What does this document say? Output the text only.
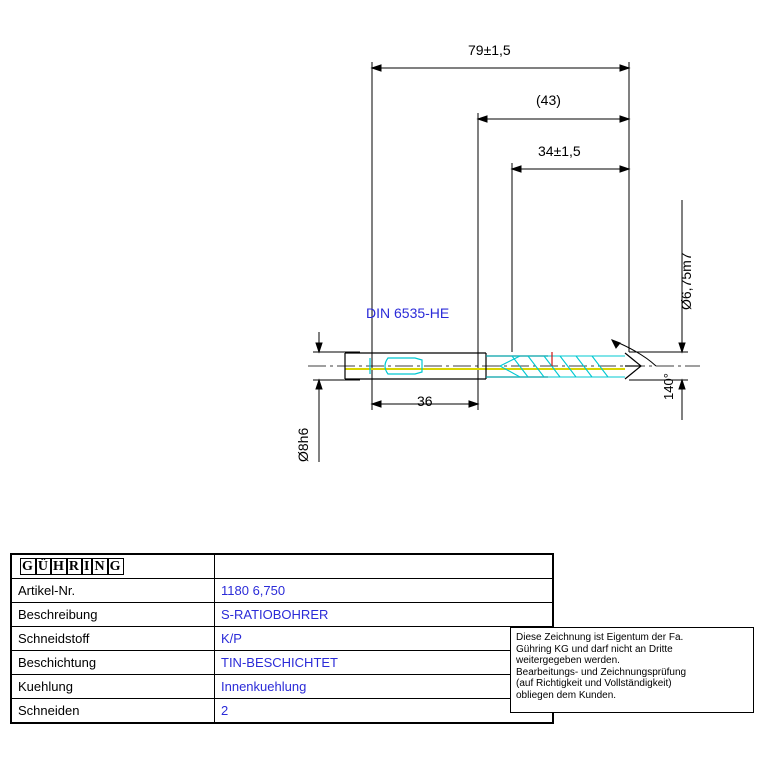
79±1,5
(43)
34±1,5
36
DIN 6535-HE
Ø6,75m7
Ø8h6
140°
G Ü H R I N G	
Artikel-Nr.	1180 6,750
Beschreibung	S-RATIOBOHRER
Schneidstoff	K/P
Beschichtung	TIN-BESCHICHTET
Kuehlung	Innenkuehlung
Schneiden	2
Diese Zeichnung ist Eigentum der Fa.
Gühring KG und darf nicht an Dritte
weitergegeben werden.
Bearbeitungs- und Zeichnungsprüfung
(auf Richtigkeit und Vollständigkeit)
obliegen dem Kunden.
